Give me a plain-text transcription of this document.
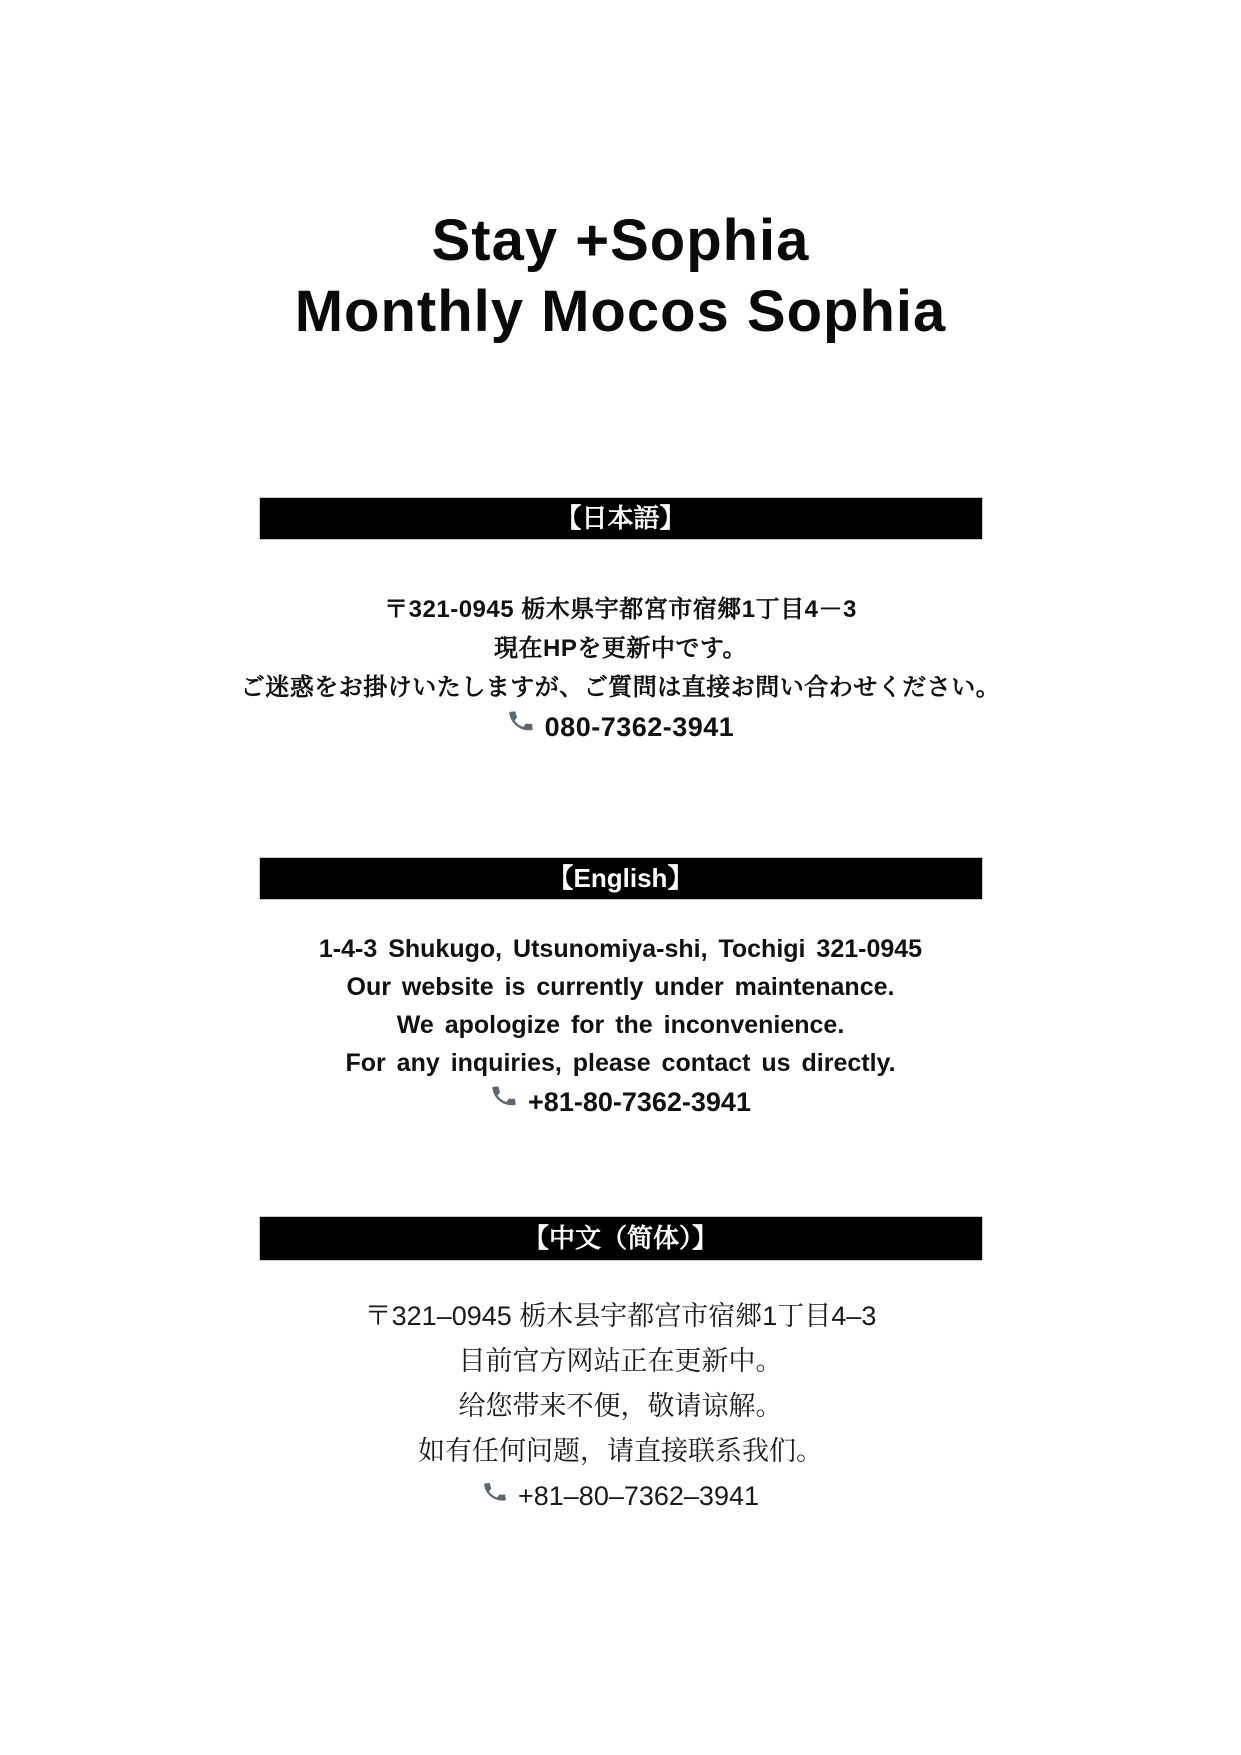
Stay +Sophia
Monthly Mocos Sophia
【日本語】
〒321-0945 栃木県宇都宮市宿郷1丁目4－3
現在HPを更新中です。
ご迷惑をお掛けいたしますが、ご質問は直接お問い合わせください。
080-7362-3941
【English】
1-4-3 Shukugo, Utsunomiya-shi, Tochigi 321-0945
Our website is currently under maintenance.
We apologize for the inconvenience.
For any inquiries, please contact us directly.
+81-80-7362-3941
【中文（简体）】
〒321–0945 栃木县宇都宫市宿郷1丁目4–3
目前官方网站正在更新中。
给您带来不便，敬请谅解。
如有任何问题，请直接联系我们。
+81–80–7362–3941
